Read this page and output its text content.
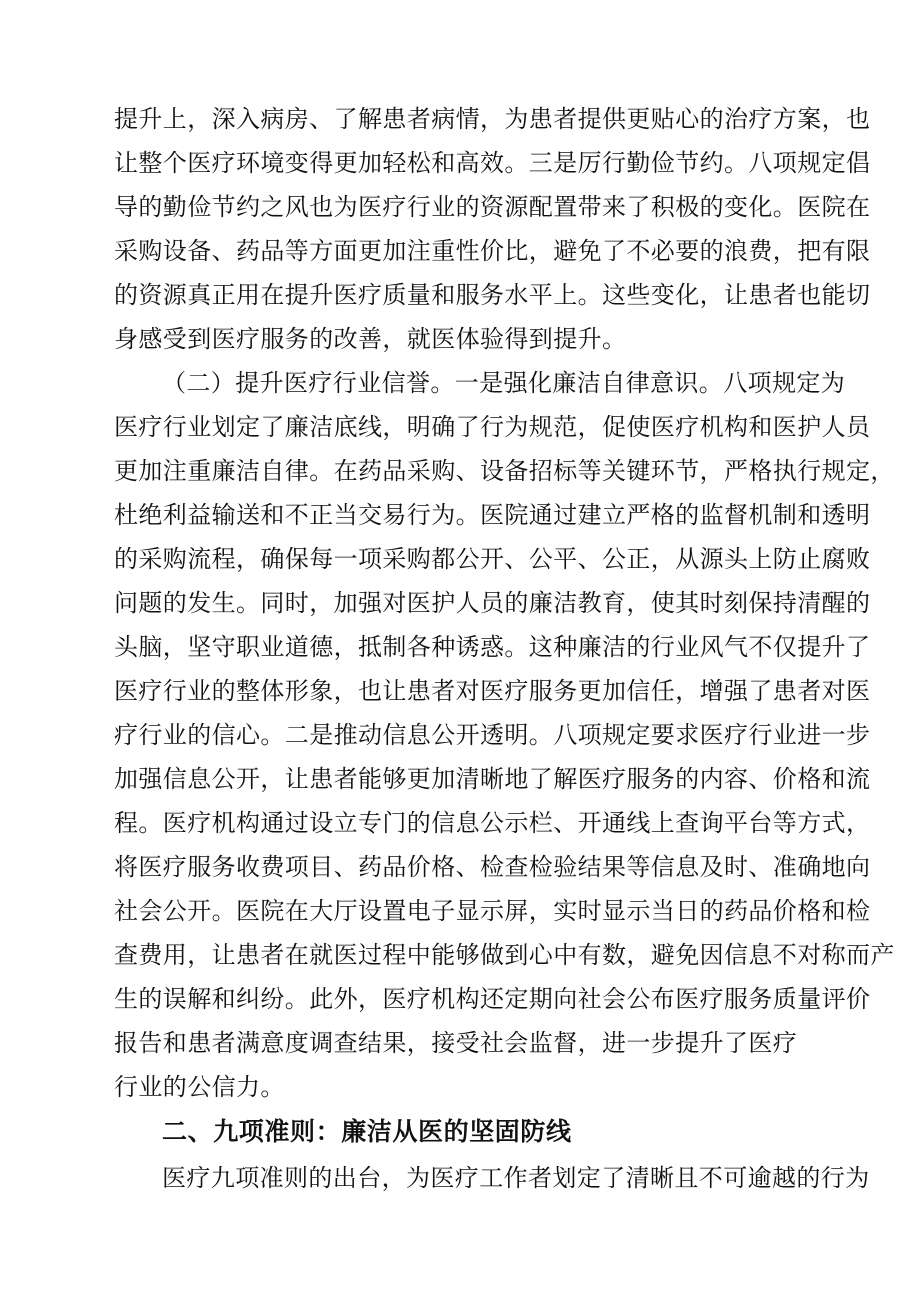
提升上，深入病房、了解患者病情，为患者提供更贴心的治疗方案，也
让整个医疗环境变得更加轻松和高效。三是厉行勤俭节约。八项规定倡
导的勤俭节约之风也为医疗行业的资源配置带来了积极的变化。医院在
采购设备、药品等方面更加注重性价比，避免了不必要的浪费，把有限
的资源真正用在提升医疗质量和服务水平上。这些变化，让患者也能切
身感受到医疗服务的改善，就医体验得到提升。
（二）提升医疗行业信誉。一是强化廉洁自律意识。八项规定为
医疗行业划定了廉洁底线，明确了行为规范，促使医疗机构和医护人员
更加注重廉洁自律。在药品采购、设备招标等关键环节，严格执行规定，
杜绝利益输送和不正当交易行为。医院通过建立严格的监督机制和透明
的采购流程，确保每一项采购都公开、公平、公正，从源头上防止腐败
问题的发生。同时，加强对医护人员的廉洁教育，使其时刻保持清醒的
头脑，坚守职业道德，抵制各种诱惑。这种廉洁的行业风气不仅提升了
医疗行业的整体形象，也让患者对医疗服务更加信任，增强了患者对医
疗行业的信心。二是推动信息公开透明。八项规定要求医疗行业进一步
加强信息公开，让患者能够更加清晰地了解医疗服务的内容、价格和流
程。医疗机构通过设立专门的信息公示栏、开通线上查询平台等方式，
将医疗服务收费项目、药品价格、检查检验结果等信息及时、准确地向
社会公开。医院在大厅设置电子显示屏，实时显示当日的药品价格和检
查费用，让患者在就医过程中能够做到心中有数，避免因信息不对称而产
生的误解和纠纷。此外，医疗机构还定期向社会公布医疗服务质量评价
报告和患者满意度调查结果，接受社会监督，进一步提升了医疗
行业的公信力。
二、九项准则：廉洁从医的坚固防线
医疗九项准则的出台，为医疗工作者划定了清晰且不可逾越的行为
